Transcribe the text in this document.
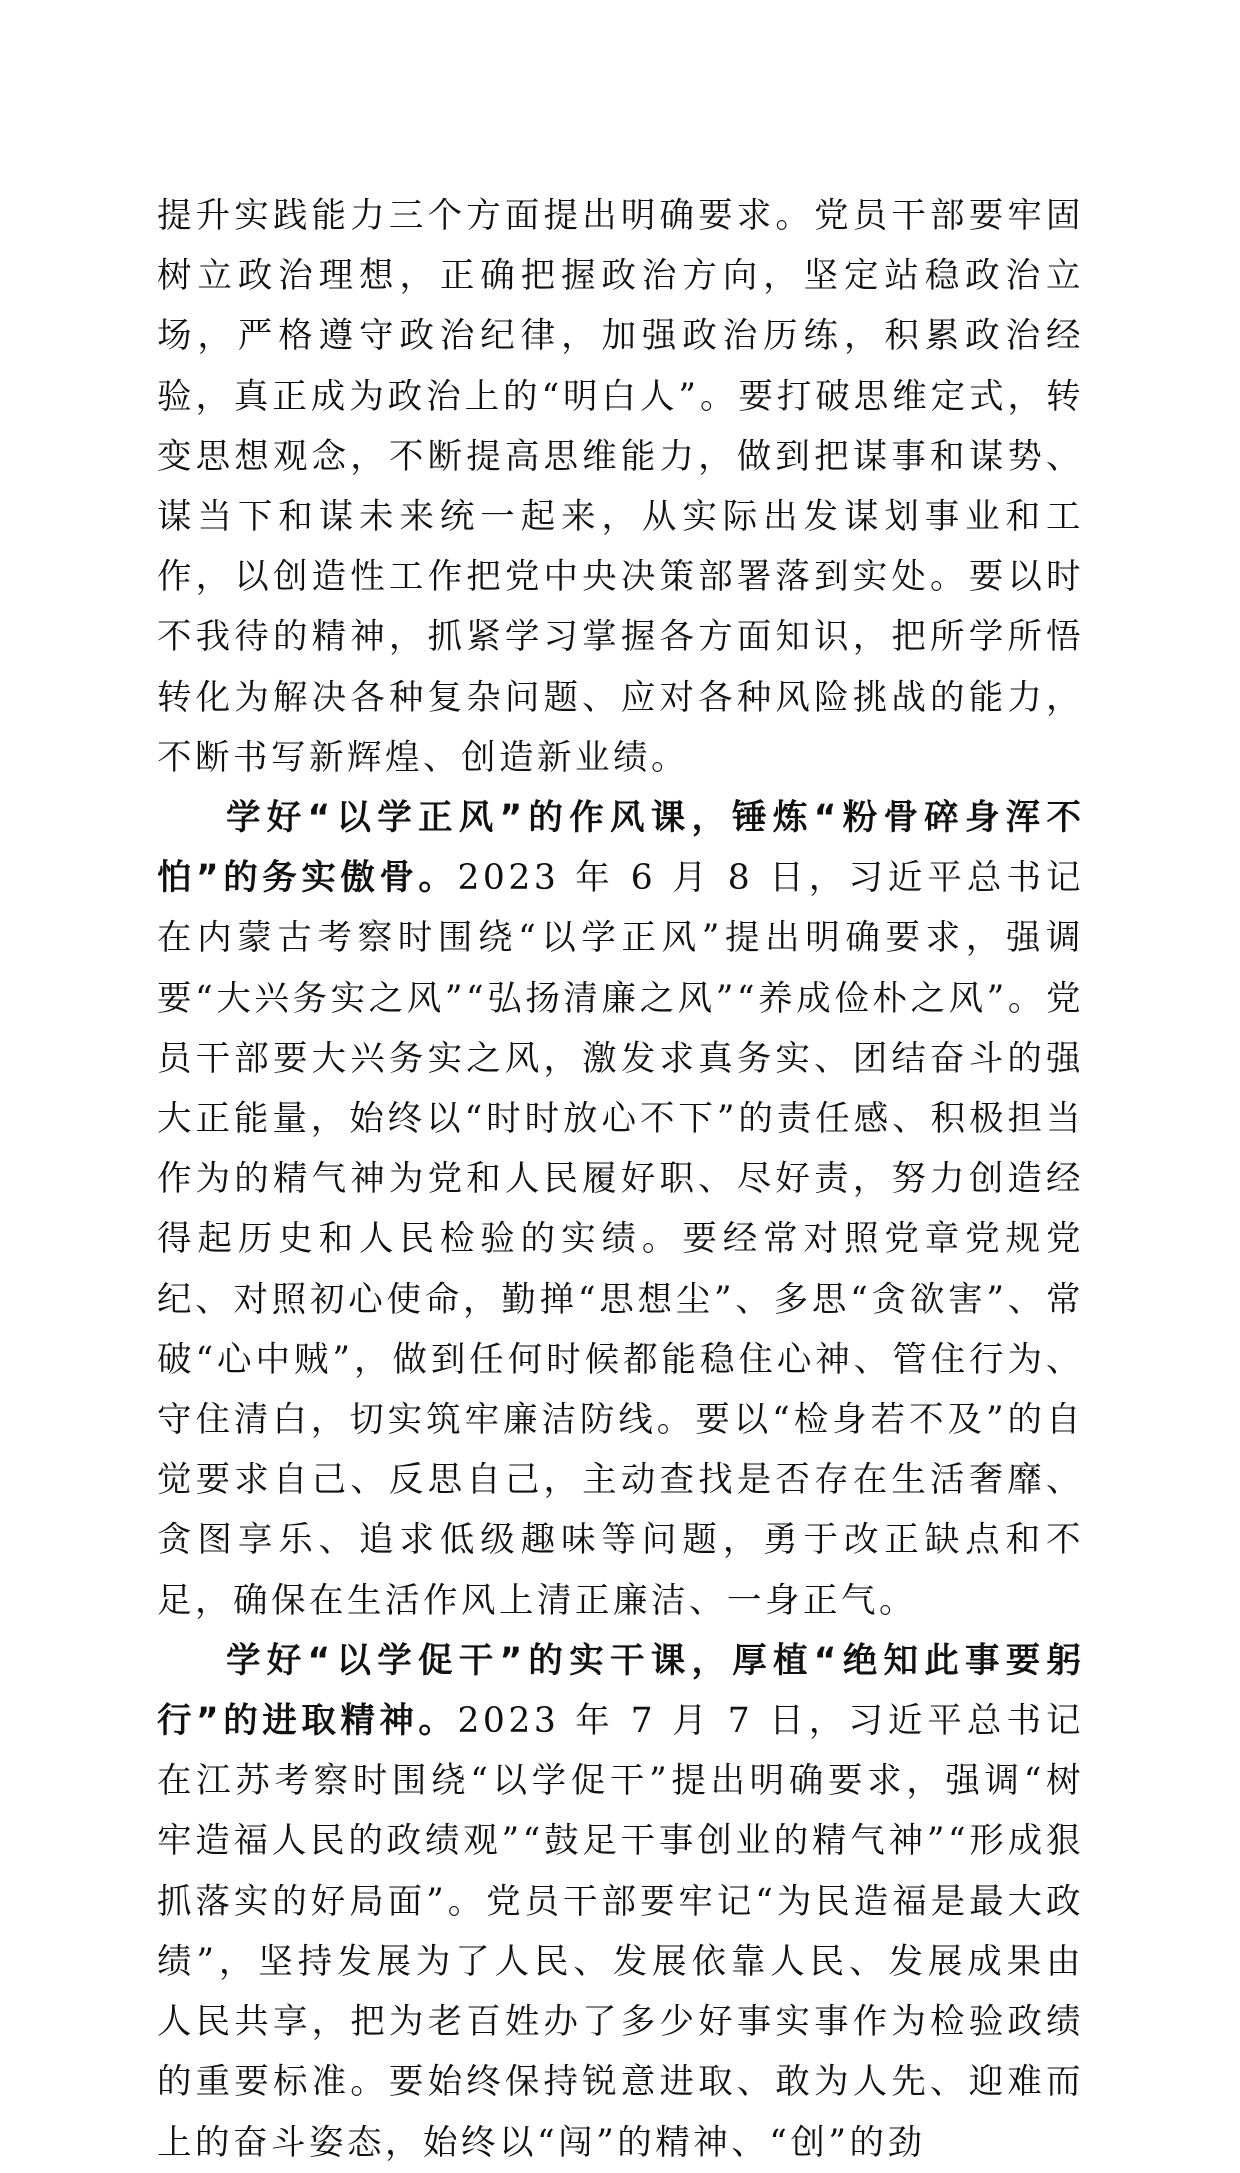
提升实践能力三个方面提出明确要求。党员干部要牢固树立政治理想，正确把握政治方向，坚定站稳政治立场，严格遵守政治纪律，加强政治历练，积累政治经验，真正成为政治上的“明白人”。要打破思维定式，转变思想观念，不断提高思维能力，做到把谋事和谋势、谋当下和谋未来统一起来，从实际出发谋划事业和工作，以创造性工作把党中央决策部署落到实处。要以时不我待的精神，抓紧学习掌握各方面知识，把所学所悟转化为解决各种复杂问题、应对各种风险挑战的能力，不断书写新辉煌、创造新业绩。

学好“以学正风”的作风课，锤炼“粉骨碎身浑不怕”的务实傲骨。2023 年 6 月 8 日，习近平总书记在内蒙古考察时围绕“以学正风”提出明确要求，强调要“大兴务实之风”“弘扬清廉之风”“养成俭朴之风”。党员干部要大兴务实之风，激发求真务实、团结奋斗的强大正能量，始终以“时时放心不下”的责任感、积极担当作为的精气神为党和人民履好职、尽好责，努力创造经得起历史和人民检验的实绩。要经常对照党章党规党纪、对照初心使命，勤掸“思想尘”、多思“贪欲害”、常破“心中贼”，做到任何时候都能稳住心神、管住行为、守住清白，切实筑牢廉洁防线。要以“检身若不及”的自觉要求自己、反思自己，主动查找是否存在生活奢靡、贪图享乐、追求低级趣味等问题，勇于改正缺点和不足，确保在生活作风上清正廉洁、一身正气。

学好“以学促干”的实干课，厚植“绝知此事要躬行”的进取精神。2023 年 7 月 7 日，习近平总书记在江苏考察时围绕“以学促干”提出明确要求，强调“树牢造福人民的政绩观”“鼓足干事创业的精气神”“形成狠抓落实的好局面”。党员干部要牢记“为民造福是最大政绩”，坚持发展为了人民、发展依靠人民、发展成果由人民共享，把为老百姓办了多少好事实事作为检验政绩的重要标准。要始终保持锐意进取、敢为人先、迎难而上的奋斗姿态，始终以“闯”的精神、“创”的劲
